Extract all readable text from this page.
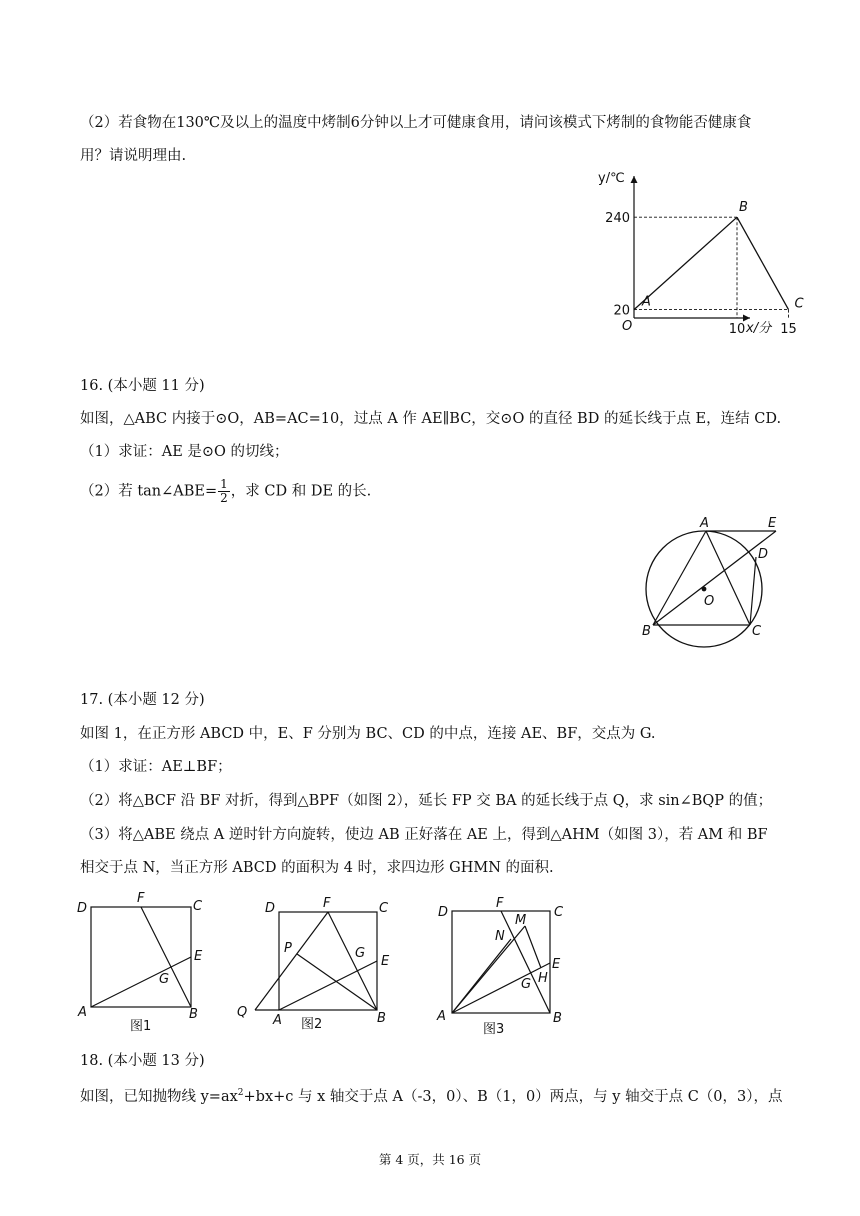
（2）若食物在130℃及以上的温度中烤制6分钟以上才可健康食用，请问该模式下烤制的食物能否健康食
用？请说明理由.
y/℃
x/分
O
A
B
C
20
240
10	15
16. (本小题 11 分)
如图，△ABC 内接于⊙O，AB=AC=10，过点 A 作 AE∥BC，交⊙O 的直径 BD 的延长线于点 E，连结 CD.
（1）求证：AE 是⊙O 的切线；
（2）若 tan∠ABE= $\frac{1}{2}$ ，求 CD 和 DE 的长.
A	E
D
O
B	C
17. (本小题 12 分)
如图 1，在正方形 ABCD 中，E、F 分别为 BC、CD 的中点，连接 AE、BF，交点为 G.
（1）求证：AE⊥BF；
（2）将△BCF 沿 BF 对折，得到△BPF（如图 2），延长 FP 交 BA 的延长线于点 Q，求 sin∠BQP 的值；
（3）将△ABE 绕点 A 逆时针方向旋转，使边 AB 正好落在 AE 上，得到△AHM（如图 3），若 AM 和 BF
相交于点 N，当正方形 ABCD 的面积为 4 时，求四边形 GHMN 的面积.
D
F
C
E
G
A	B
图1
D	F	C
P	G
E
Q
A	B
图2
D
F
M
C
N
E
H
G
A	B
图3
18. (本小题 13 分)
如图，已知抛物线 $y=ax^2+bx+c$ 与 x 轴交于点 A（-3，0）、B（1，0）两点，与 y 轴交于点 C（0，3），点
第 4 页，共 16 页
